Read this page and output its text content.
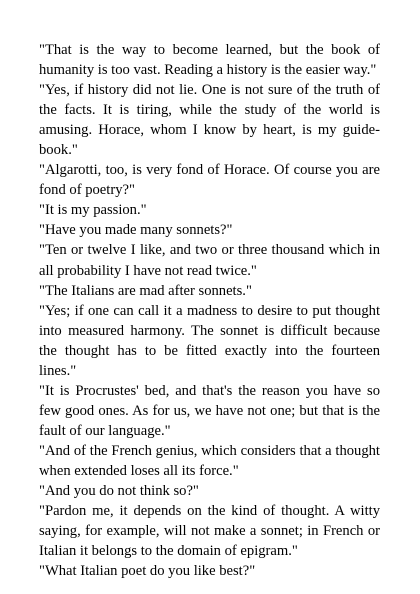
"That is the way to become learned, but the book of humanity is too vast. Reading a history is the easier way."

"Yes, if history did not lie. One is not sure of the truth of the facts. It is tiring, while the study of the world is amusing. Horace, whom I know by heart, is my guide-book."

"Algarotti, too, is very fond of Horace. Of course you are fond of poetry?"

"It is my passion."

"Have you made many sonnets?"

"Ten or twelve I like, and two or three thousand which in all probability I have not read twice."

"The Italians are mad after sonnets."

"Yes; if one can call it a madness to desire to put thought into measured harmony. The sonnet is difficult because the thought has to be fitted exactly into the fourteen lines."

"It is Procrustes' bed, and that's the reason you have so few good ones. As for us, we have not one; but that is the fault of our language."

"And of the French genius, which considers that a thought when extended loses all its force."

"And you do not think so?"

"Pardon me, it depends on the kind of thought. A witty saying, for example, will not make a sonnet; in French or Italian it belongs to the domain of epigram."

"What Italian poet do you like best?"
